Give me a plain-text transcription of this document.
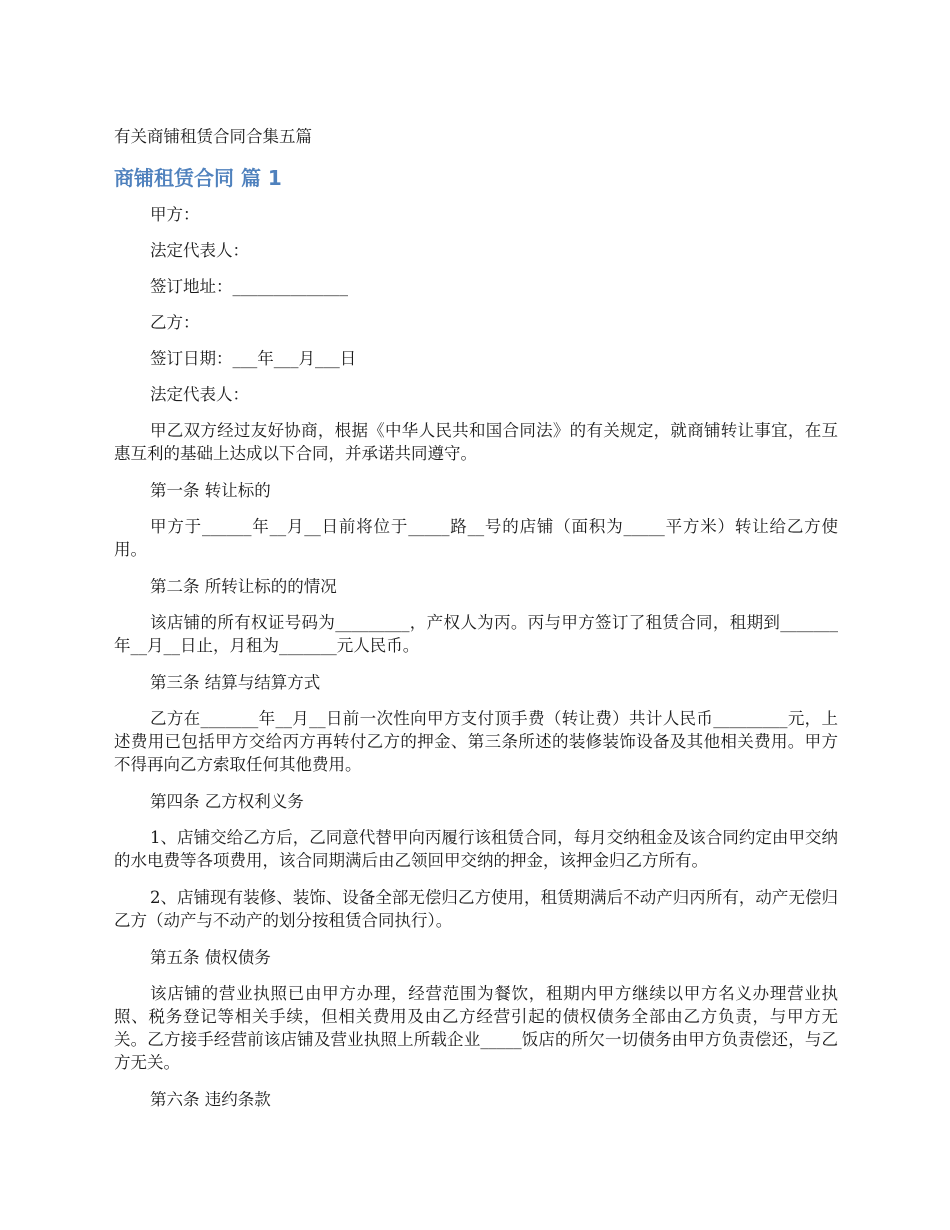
有关商铺租赁合同合集五篇
商铺租赁合同 篇 1

甲方：

法定代表人：

签订地址：______________

乙方：

签订日期：___年___月___日

法定代表人：

甲乙双方经过友好协商，根据《中华人民共和国合同法》的有关规定，就商铺转让事宜，在互惠互利的基础上达成以下合同，并承诺共同遵守。

第一条 转让标的

甲方于______年__月__日前将位于_____路__号的店铺（面积为_____平方米）转让给乙方使用。

第二条 所转让标的的情况

该店铺的所有权证号码为_________，产权人为丙。丙与甲方签订了租赁合同，租期到_______年__月__日止，月租为_______元人民币。

第三条 结算与结算方式

乙方在_______年__月__日前一次性向甲方支付顶手费（转让费）共计人民币_________元，上述费用已包括甲方交给丙方再转付乙方的押金、第三条所述的装修装饰设备及其他相关费用。甲方不得再向乙方索取任何其他费用。

第四条 乙方权利义务

1、店铺交给乙方后，乙同意代替甲向丙履行该租赁合同，每月交纳租金及该合同约定由甲交纳的水电费等各项费用，该合同期满后由乙领回甲交纳的押金，该押金归乙方所有。

2、店铺现有装修、装饰、设备全部无偿归乙方使用，租赁期满后不动产归丙所有，动产无偿归乙方（动产与不动产的划分按租赁合同执行）。

第五条 债权债务

该店铺的营业执照已由甲方办理，经营范围为餐饮，租期内甲方继续以甲方名义办理营业执照、税务登记等相关手续，但相关费用及由乙方经营引起的债权债务全部由乙方负责，与甲方无关。乙方接手经营前该店铺及营业执照上所载企业_____饭店的所欠一切债务由甲方负责偿还，与乙方无关。

第六条 违约条款
